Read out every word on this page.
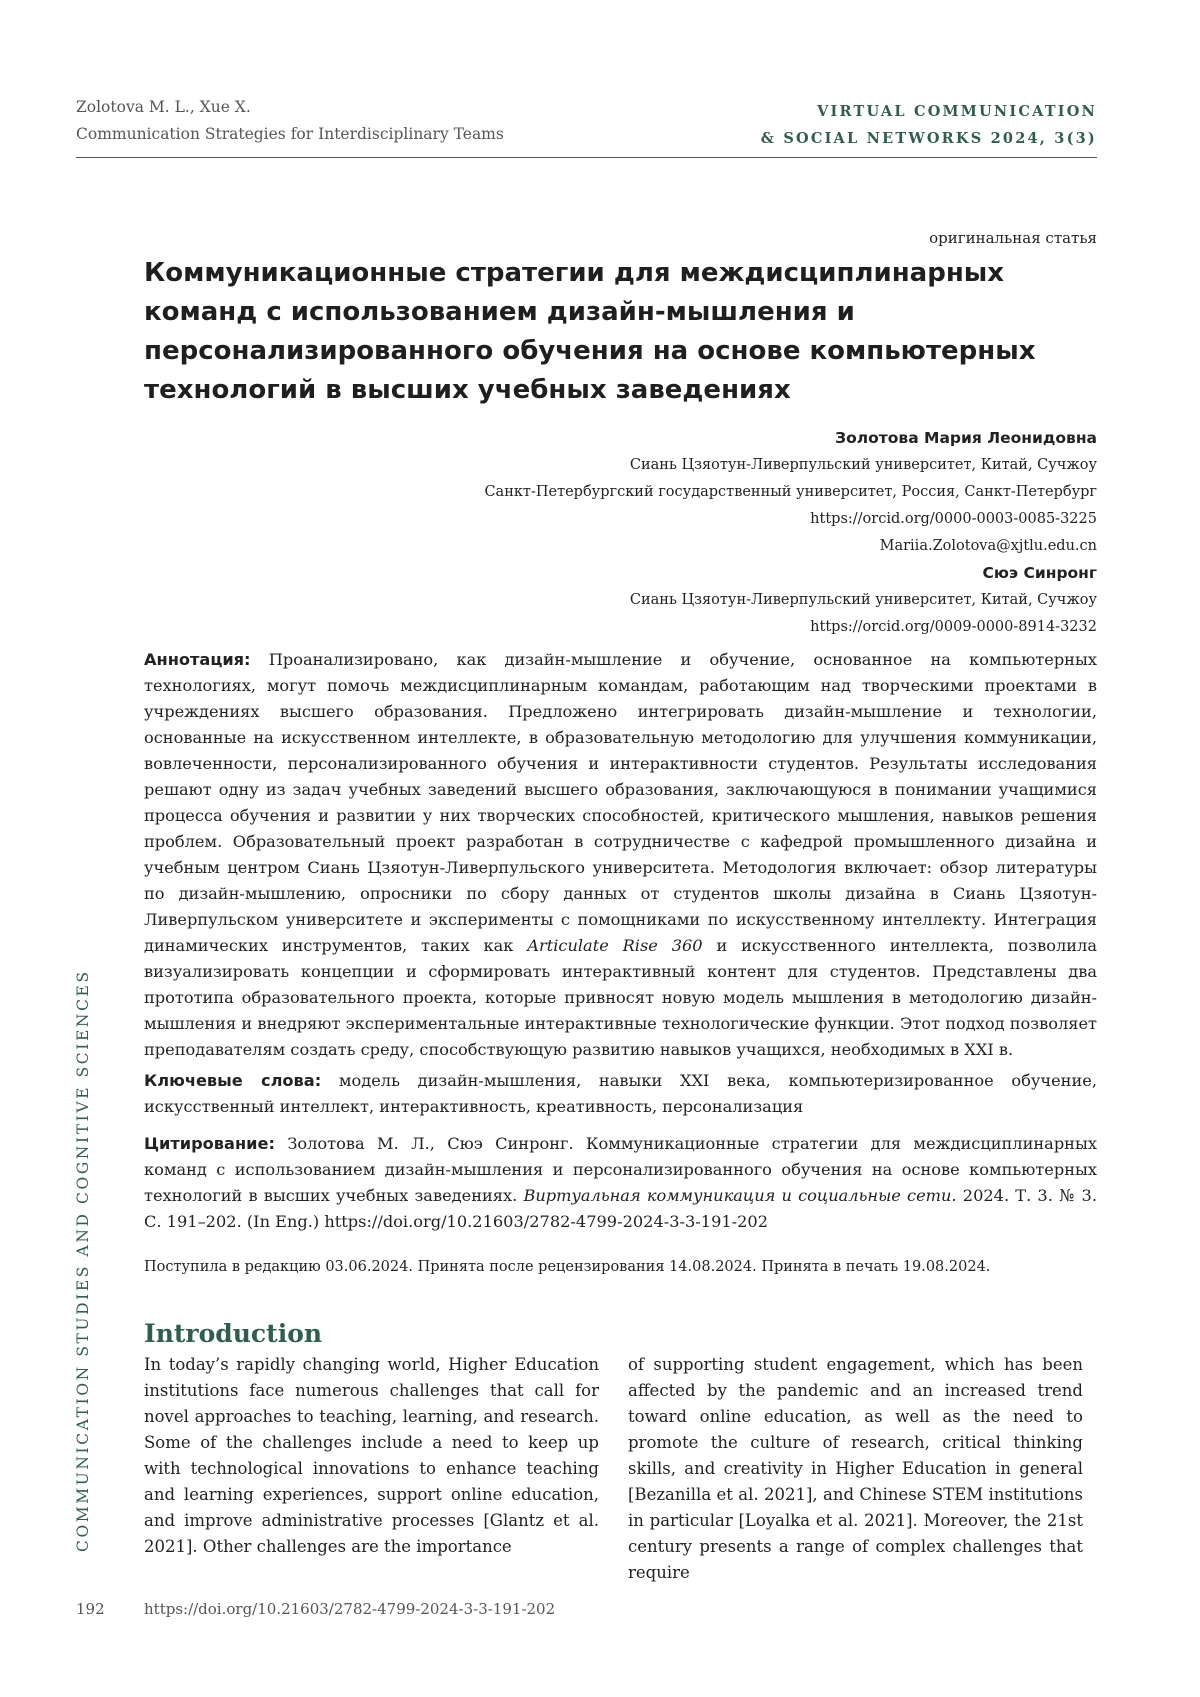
Zolotova M. L., Xue X.
Communication Strategies for Interdisciplinary Teams
VIRTUAL COMMUNICATION
& SOCIAL NETWORKS 2024, 3(3)
оригинальная статья
Коммуникационные стратегии для междисциплинарных команд с использованием дизайн-мышления и персонализированного обучения на основе компьютерных технологий в высших учебных заведениях
Золотова Мария Леонидовна
Сиань Цзяотун-Ливерпульский университет, Китай, Сучжоу
Санкт-Петербургский государственный университет, Россия, Санкт-Петербург
https://orcid.org/0000-0003-0085-3225
Mariia.Zolotova@xjtlu.edu.cn
Сюэ Синронг
Сиань Цзяотун-Ливерпульский университет, Китай, Сучжоу
https://orcid.org/0009-0000-8914-3232
Аннотация: Проанализировано, как дизайн-мышление и обучение, основанное на компьютерных технологиях, могут помочь междисциплинарным командам, работающим над творческими проектами в учреждениях высшего образования. Предложено интегрировать дизайн-мышление и технологии, основанные на искусственном интеллекте, в образовательную методологию для улучшения коммуникации, вовлеченности, персонализированного обучения и интерактивности студентов. Результаты исследования решают одну из задач учебных заведений высшего образования, заключающуюся в понимании учащимися процесса обучения и развитии у них творческих способностей, критического мышления, навыков решения проблем. Образовательный проект разработан в сотрудничестве с кафедрой промышленного дизайна и учебным центром Сиань Цзяотун-Ливерпульского университета. Методология включает: обзор литературы по дизайн-мышлению, опросники по сбору данных от студентов школы дизайна в Сиань Цзяотун-Ливерпульском университете и эксперименты с помощниками по искусственному интеллекту. Интеграция динамических инструментов, таких как Articulate Rise 360 и искусственного интеллекта, позволила визуализировать концепции и сформировать интерактивный контент для студентов. Представлены два прототипа образовательного проекта, которые привносят новую модель мышления в методологию дизайн-мышления и внедряют экспериментальные интерактивные технологические функции. Этот подход позволяет преподавателям создать среду, способствующую развитию навыков учащихся, необходимых в XXI в.
Ключевые слова: модель дизайн-мышления, навыки XXI века, компьютеризированное обучение, искусственный интеллект, интерактивность, креативность, персонализация
Цитирование: Золотова М. Л., Сюэ Синронг. Коммуникационные стратегии для междисциплинарных команд с использованием дизайн-мышления и персонализированного обучения на основе компьютерных технологий в высших учебных заведениях. Виртуальная коммуникация и социальные сети. 2024. Т. 3. № 3. С. 191–202. (In Eng.) https://doi.org/10.21603/2782-4799-2024-3-3-191-202
Поступила в редакцию 03.06.2024. Принята после рецензирования 14.08.2024. Принята в печать 19.08.2024.
Introduction
In today’s rapidly changing world, Higher Education institutions face numerous challenges that call for novel approaches to teaching, learning, and research. Some of the challenges include a need to keep up with technological innovations to enhance teaching and learning experiences, support online education, and improve administrative processes [Glantz et al. 2021]. Other challenges are the importance
of supporting student engagement, which has been affected by the pandemic and an increased trend toward online education, as well as the need to promote the culture of research, critical thinking skills, and creativity in Higher Education in general [Bezanilla et al. 2021], and Chinese STEM institutions in particular [Loyalka et al. 2021]. Moreover, the 21st century presents a range of complex challenges that require
COMMUNICATION STUDIES AND COGNITIVE SCIENCES
192	https://doi.org/10.21603/2782-4799-2024-3-3-191-202
